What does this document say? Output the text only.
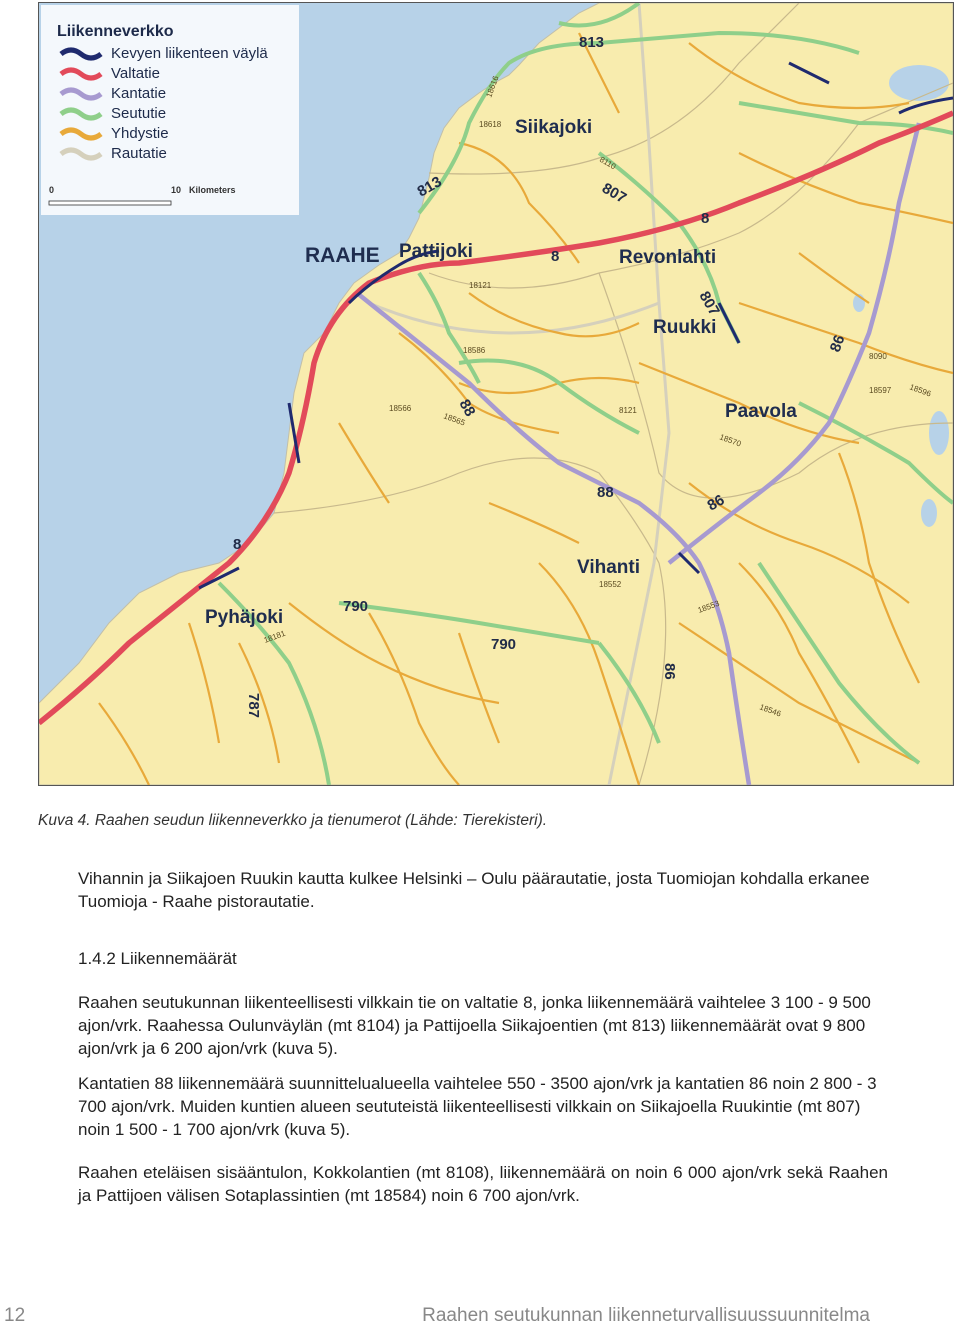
Liikenneverkko
Kevyen liikenteen väylä
Valtatie
Kantatie
Seututie
Yhdystie
Rautatie
0	10 Kilometers
Siikajoki
RAAHE Pattijoki	Revonlahti
Ruukki
Paavola
Vihanti
Pyhäjoki
813
813	807
807
8
8
8
88
88
86
86
86
790
790
787
18618
18616
8110
18121
8121
18586
18565
18570
18552
18553
18181
18546
8090
18597 18596
18566
Kuva 4. Raahen seudun liikenneverkko ja tienumerot (Lähde: Tierekisteri).

Vihannin ja Siikajoen Ruukin kautta kulkee Helsinki – Oulu päärautatie, josta Tuomiojan kohdalla erkanee Tuomioja - Raahe pistorautatie.

1.4.2 Liikennemäärät

Raahen seutukunnan liikenteellisesti vilkkain tie on valtatie 8, jonka liikennemäärä vaihtelee 3 100 - 9 500 ajon/vrk. Raahessa Oulunväylän (mt 8104) ja Pattijoella Siikajoentien (mt 813) liikennemäärät ovat 9 800 ajon/vrk ja 6 200 ajon/vrk (kuva 5).

Kantatien 88 liikennemäärä suunnittelualueella vaihtelee 550 - 3500 ajon/vrk ja kantatien 86 noin 2 800 - 3 700 ajon/vrk. Muiden kuntien alueen seututeistä liikenteellisesti vilkkain on Siikajoella Ruukintie (mt 807) noin 1 500 - 1 700 ajon/vrk (kuva 5).

Raahen eteläisen sisääntulon, Kokkolantien (mt 8108), liikennemäärä on noin 6 000 ajon/vrk sekä Raahen ja Pattijoen välisen Sotaplassintien (mt 18584) noin 6 700 ajon/vrk.

12	Raahen seutukunnan liikenneturvallisuussuunnitelma
